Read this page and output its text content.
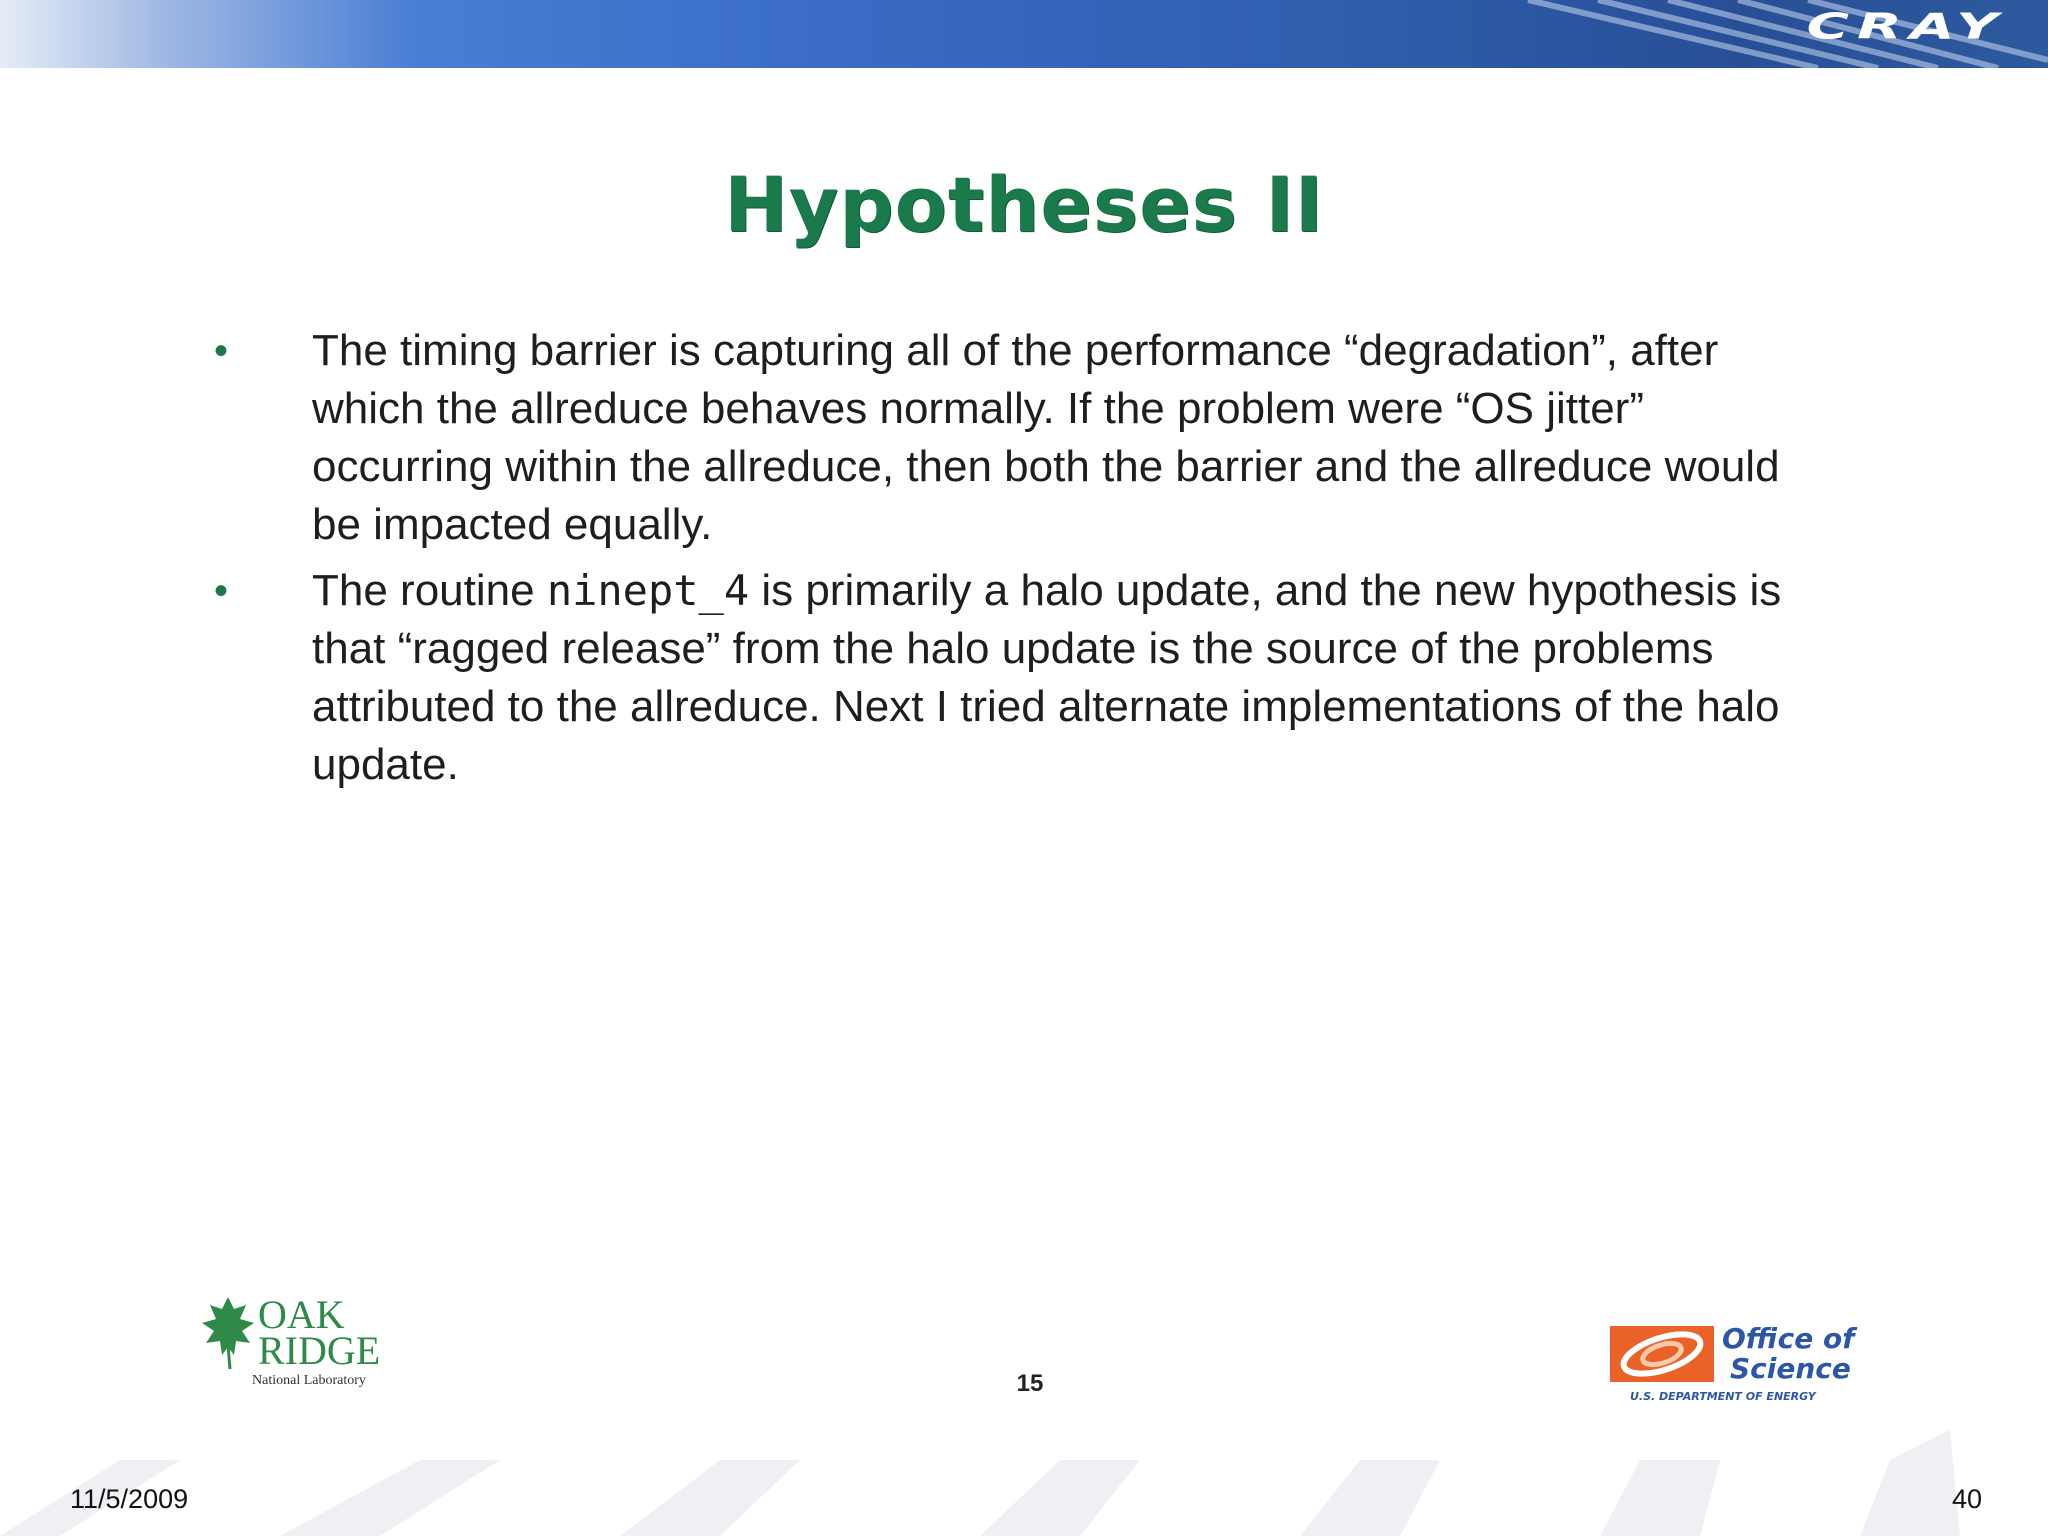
CRAY
Hypotheses II
• The timing barrier is capturing all of the performance “degradation”, after which the allreduce behaves normally. If the problem were “OS jitter” occurring within the allreduce, then both the barrier and the allreduce would be impacted equally.
• The routine ninept_4 is primarily a halo update, and the new hypothesis is that “ragged release” from the halo update is the source of the problems attributed to the allreduce. Next I tried alternate implementations of the halo update.
OAK
RIDGE
National Laboratory	15
Office of
Science
U.S. DEPARTMENT OF ENERGY
11/5/2009	40
